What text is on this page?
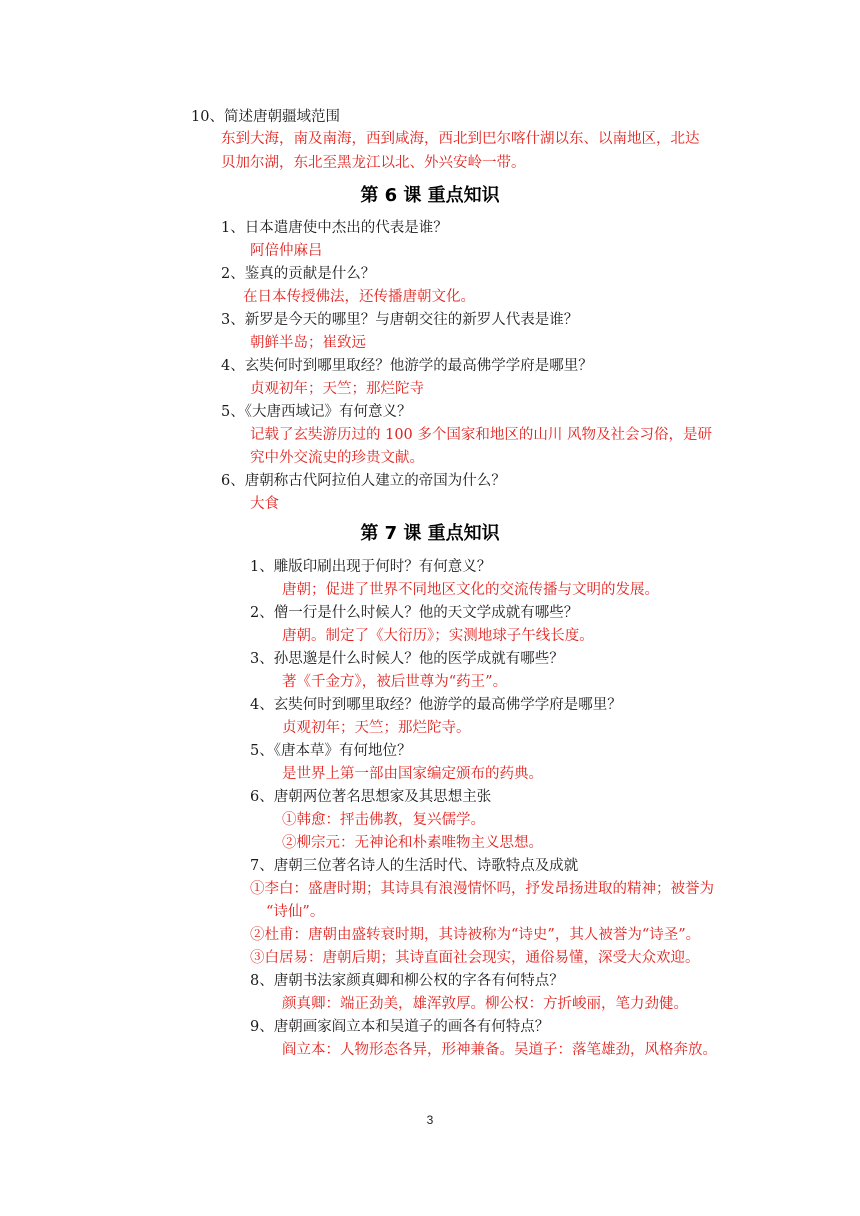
10、简述唐朝疆域范围
东到大海，南及南海，西到咸海，西北到巴尔喀什湖以东、以南地区，北达
贝加尔湖，东北至黑龙江以北、外兴安岭一带。
第 6 课 重点知识
1、日本遣唐使中杰出的代表是谁？
阿倍仲麻吕
2、鉴真的贡献是什么？
在日本传授佛法，还传播唐朝文化。
3、新罗是今天的哪里？与唐朝交往的新罗人代表是谁？
朝鲜半岛；崔致远
4、玄奘何时到哪里取经？他游学的最高佛学学府是哪里？
贞观初年；天竺；那烂陀寺
5、《大唐西域记》有何意义？
记载了玄奘游历过的 100 多个国家和地区的山川 风物及社会习俗，是研
究中外交流史的珍贵文献。
6、唐朝称古代阿拉伯人建立的帝国为什么？
大食
第 7 课 重点知识
1、雕版印刷出现于何时？有何意义？
唐朝；促进了世界不同地区文化的交流传播与文明的发展。
2、僧一行是什么时候人？他的天文学成就有哪些？
唐朝。制定了《大衍历》；实测地球子午线长度。
3、孙思邈是什么时候人？他的医学成就有哪些？
著《千金方》，被后世尊为“药王”。
4、玄奘何时到哪里取经？他游学的最高佛学学府是哪里？
贞观初年；天竺；那烂陀寺。
5、《唐本草》有何地位？
是世界上第一部由国家编定颁布的药典。
6、唐朝两位著名思想家及其思想主张
①韩愈：抨击佛教，复兴儒学。
②柳宗元：无神论和朴素唯物主义思想。
7、唐朝三位著名诗人的生活时代、诗歌特点及成就
①李白：盛唐时期；其诗具有浪漫情怀吗，抒发昂扬进取的精神；被誉为
“诗仙”。
②杜甫：唐朝由盛转衰时期，其诗被称为“诗史”，其人被誉为“诗圣”。
③白居易：唐朝后期；其诗直面社会现实，通俗易懂，深受大众欢迎。
8、唐朝书法家颜真卿和柳公权的字各有何特点？
颜真卿：端正劲美，雄浑敦厚。柳公权：方折峻丽，笔力劲健。
9、唐朝画家阎立本和吴道子的画各有何特点？
阎立本：人物形态各异，形神兼备。吴道子：落笔雄劲，风格奔放。
3
